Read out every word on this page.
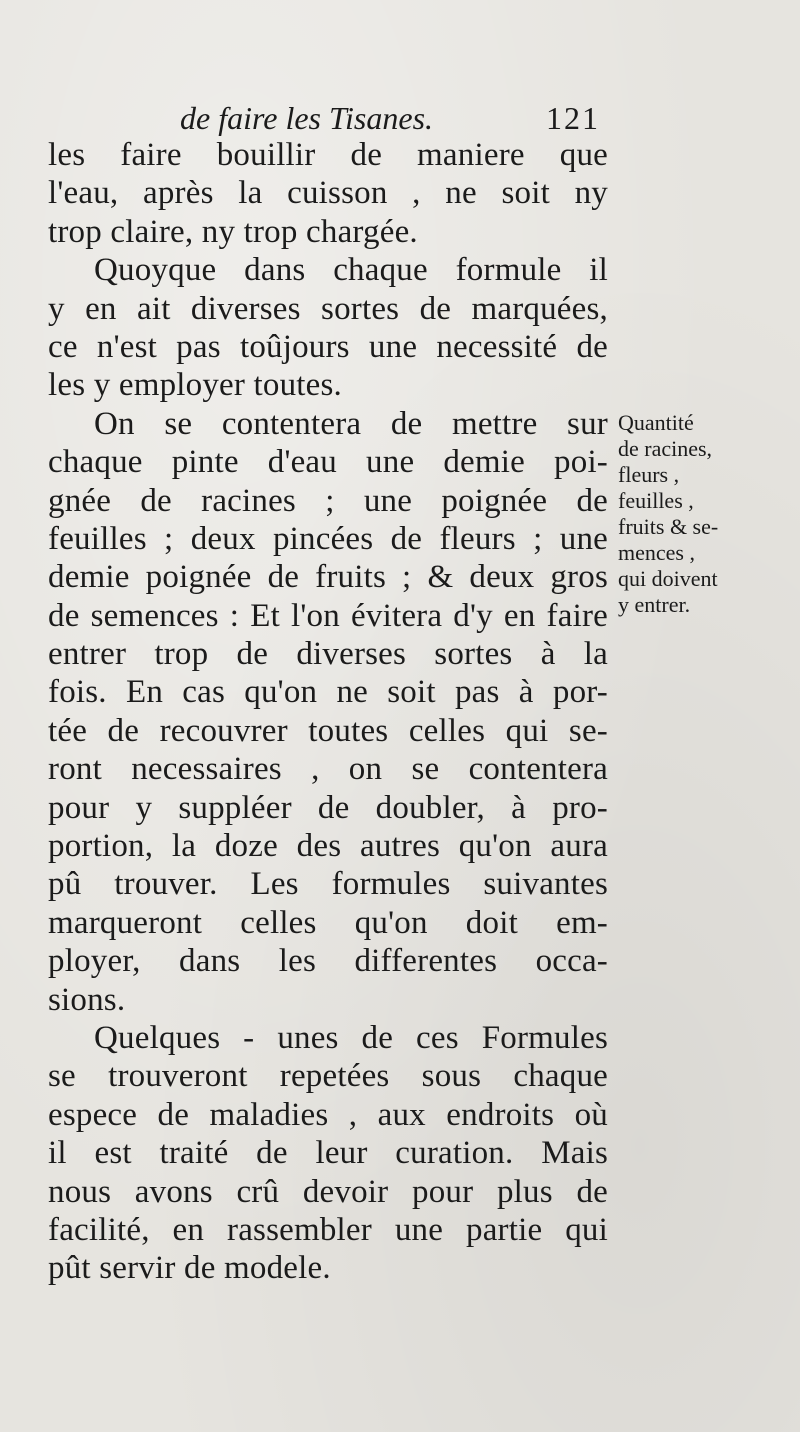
de faire les Tisanes.	121
les faire bouillir de maniere que
l'eau, après la cuisson , ne soit ny
trop claire, ny trop chargée.
Quoyque dans chaque formule il
y en ait diverses sortes de marquées,
ce n'est pas toûjours une necessité de
les y employer toutes.
On se contentera de mettre sur
chaque pinte d'eau une demie poi-
gnée de racines ; une poignée de
feuilles ; deux pincées de fleurs ; une
demie poignée de fruits ; & deux gros
de semences : Et l'on évitera d'y en faire
entrer trop de diverses sortes à la
fois. En cas qu'on ne soit pas à por-
tée de recouvrer toutes celles qui se-
ront necessaires , on se contentera
pour y suppléer de doubler, à pro-
portion, la doze des autres qu'on aura
pû trouver. Les formules suivantes
marqueront celles qu'on doit em-
ployer, dans les differentes occa-
sions.
Quelques - unes de ces Formules
se trouveront repetées sous chaque
espece de maladies , aux endroits où
il est traité de leur curation. Mais
nous avons crû devoir pour plus de
facilité, en rassembler une partie qui
pût servir de modele.
Quantité
de racines,
fleurs ,
feuilles ,
fruits & se-
mences ,
qui doivent
y entrer.
